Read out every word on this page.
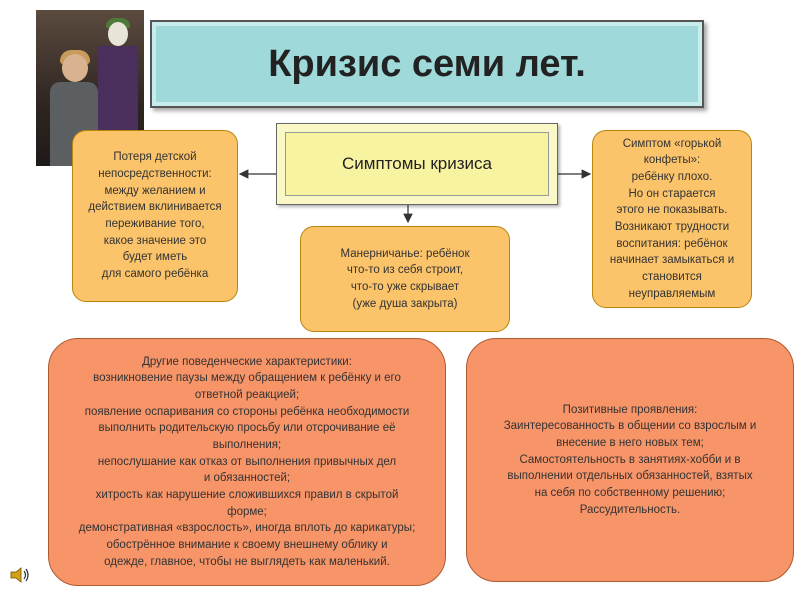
Кризис семи лет.
Симптомы кризиса
Потеря детской
непосредственности:
между желанием и
действием вклинивается
переживание того,
какое значение это
будет иметь
для самого ребёнка
Манерничанье: ребёнок
что-то из себя строит,
что-то уже скрывает
(уже душа закрыта)
Симптом «горькой
конфеты»:
ребёнку плохо.
Но он старается
этого не показывать.
Возникают трудности
воспитания: ребёнок
начинает замыкаться и
становится
неуправляемым
Другие поведенческие характеристики:
возникновение паузы между обращением к ребёнку и его
ответной реакцией;
появление оспаривания со стороны ребёнка необходимости
выполнить родительскую просьбу или отсрочивание её
выполнения;
непослушание как отказ от выполнения привычных дел
и обязанностей;
хитрость как нарушение сложившихся правил в скрытой
форме;
демонстративная «взрослость», иногда вплоть до карикатуры;
обострённое внимание к своему внешнему облику и
одежде, главное, чтобы не выглядеть как маленький.
Позитивные проявления:
Заинтересованность в общении со взрослым и
внесение в него новых тем;
Самостоятельность в занятиях-хобби и в
выполнении отдельных обязанностей, взятых
на себя по собственному решению;
Рассудительность.
